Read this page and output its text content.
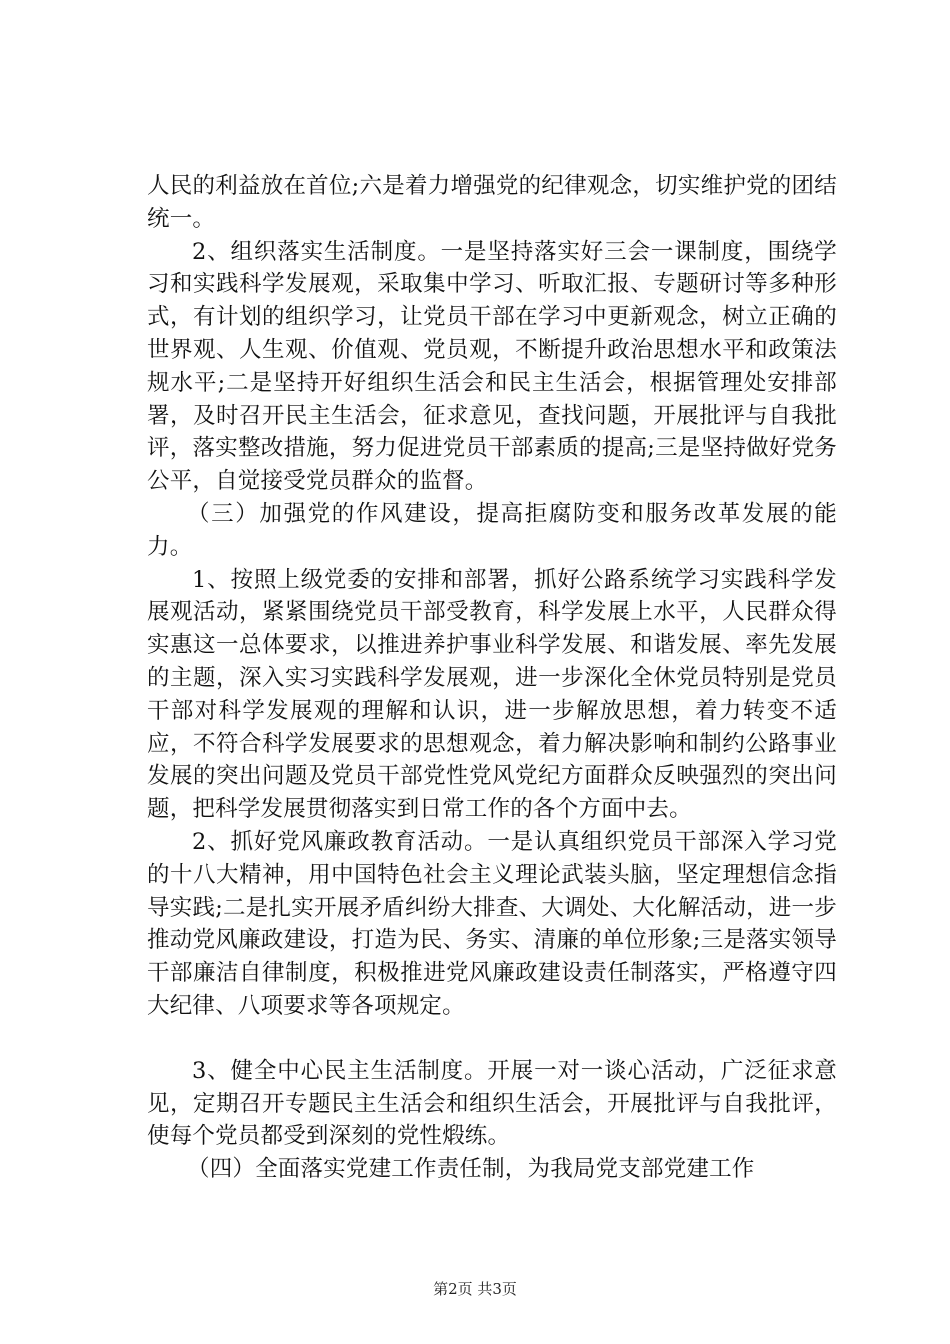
人民的利益放在首位;六是着力增强党的纪律观念，切实维护党的团结统一。

2、组织落实生活制度。一是坚持落实好三会一课制度，围绕学习和实践科学发展观，采取集中学习、听取汇报、专题研讨等多种形式，有计划的组织学习，让党员干部在学习中更新观念，树立正确的世界观、人生观、价值观、党员观，不断提升政治思想水平和政策法规水平;二是坚持开好组织生活会和民主生活会，根据管理处安排部署，及时召开民主生活会，征求意见，查找问题，开展批评与自我批评，落实整改措施，努力促进党员干部素质的提高;三是坚持做好党务公平，自觉接受党员群众的监督。

（三）加强党的作风建设，提高拒腐防变和服务改革发展的能力。

1、按照上级党委的安排和部署，抓好公路系统学习实践科学发展观活动，紧紧围绕党员干部受教育，科学发展上水平，人民群众得实惠这一总体要求，以推进养护事业科学发展、和谐发展、率先发展的主题，深入实习实践科学发展观，进一步深化全休党员特别是党员干部对科学发展观的理解和认识，进一步解放思想，着力转变不适应，不符合科学发展要求的思想观念，着力解决影响和制约公路事业发展的突出问题及党员干部党性党风党纪方面群众反映强烈的突出问题，把科学发展贯彻落实到日常工作的各个方面中去。

2、抓好党风廉政教育活动。一是认真组织党员干部深入学习党的十八大精神，用中国特色社会主义理论武装头脑，坚定理想信念指导实践;二是扎实开展矛盾纠纷大排查、大调处、大化解活动，进一步推动党风廉政建设，打造为民、务实、清廉的单位形象;三是落实领导干部廉洁自律制度，积极推进党风廉政建设责任制落实，严格遵守四大纪律、八项要求等各项规定。

3、健全中心民主生活制度。开展一对一谈心活动，广泛征求意见，定期召开专题民主生活会和组织生活会，开展批评与自我批评，使每个党员都受到深刻的党性煅练。

（四）全面落实党建工作责任制，为我局党支部党建工作

第2页 共3页
